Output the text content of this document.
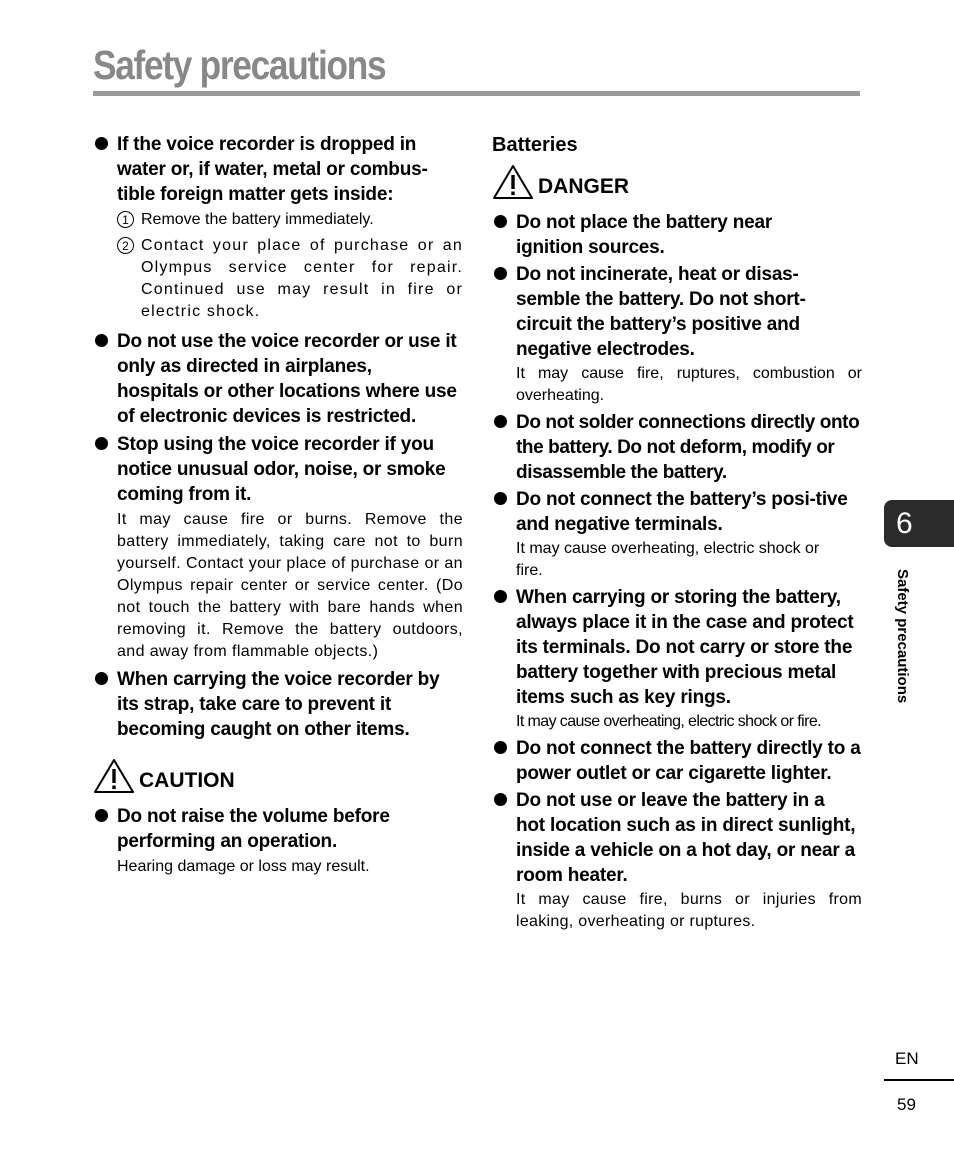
Safety precautions
If the voice recorder is dropped in water or, if water, metal or combus-tible foreign matter gets inside:
1 Remove the battery immediately.
2 Contact your place of purchase or an Olympus service center for repair. Continued use may result in fire or electric shock.
Do not use the voice recorder or use it only as directed in airplanes, hospitals or other locations where use of electronic devices is restricted.
Stop using the voice recorder if you notice unusual odor, noise, or smoke coming from it.
It may cause fire or burns. Remove the battery immediately, taking care not to burn yourself. Contact your place of purchase or an Olympus repair center or service center. (Do not touch the battery with bare hands when removing it. Remove the battery outdoors, and away from flammable objects.)
When carrying the voice recorder by its strap, take care to prevent it becoming caught on other items.
CAUTION
Do not raise the volume before performing an operation.
Hearing damage or loss may result.
Batteries
DANGER
Do not place the battery near ignition sources.
Do not incinerate, heat or disas-semble the battery. Do not short-circuit the battery’s positive and negative electrodes.
It may cause fire, ruptures, combustion or overheating.
Do not solder connections directly onto the battery. Do not deform, modify or disassemble the battery.
Do not connect the battery’s posi-tive and negative terminals.
It may cause overheating, electric shock or fire.
When carrying or storing the battery, always place it in the case and protect its terminals. Do not carry or store the battery together with precious metal items such as key rings.
It may cause overheating, electric shock or fire.
Do not connect the battery directly to a power outlet or car cigarette lighter.
Do not use or leave the battery in a hot location such as in direct sunlight, inside a vehicle on a hot day, or near a room heater.
It may cause fire, burns or injuries from leaking, overheating or ruptures.
6
Safety precautions
EN
59
